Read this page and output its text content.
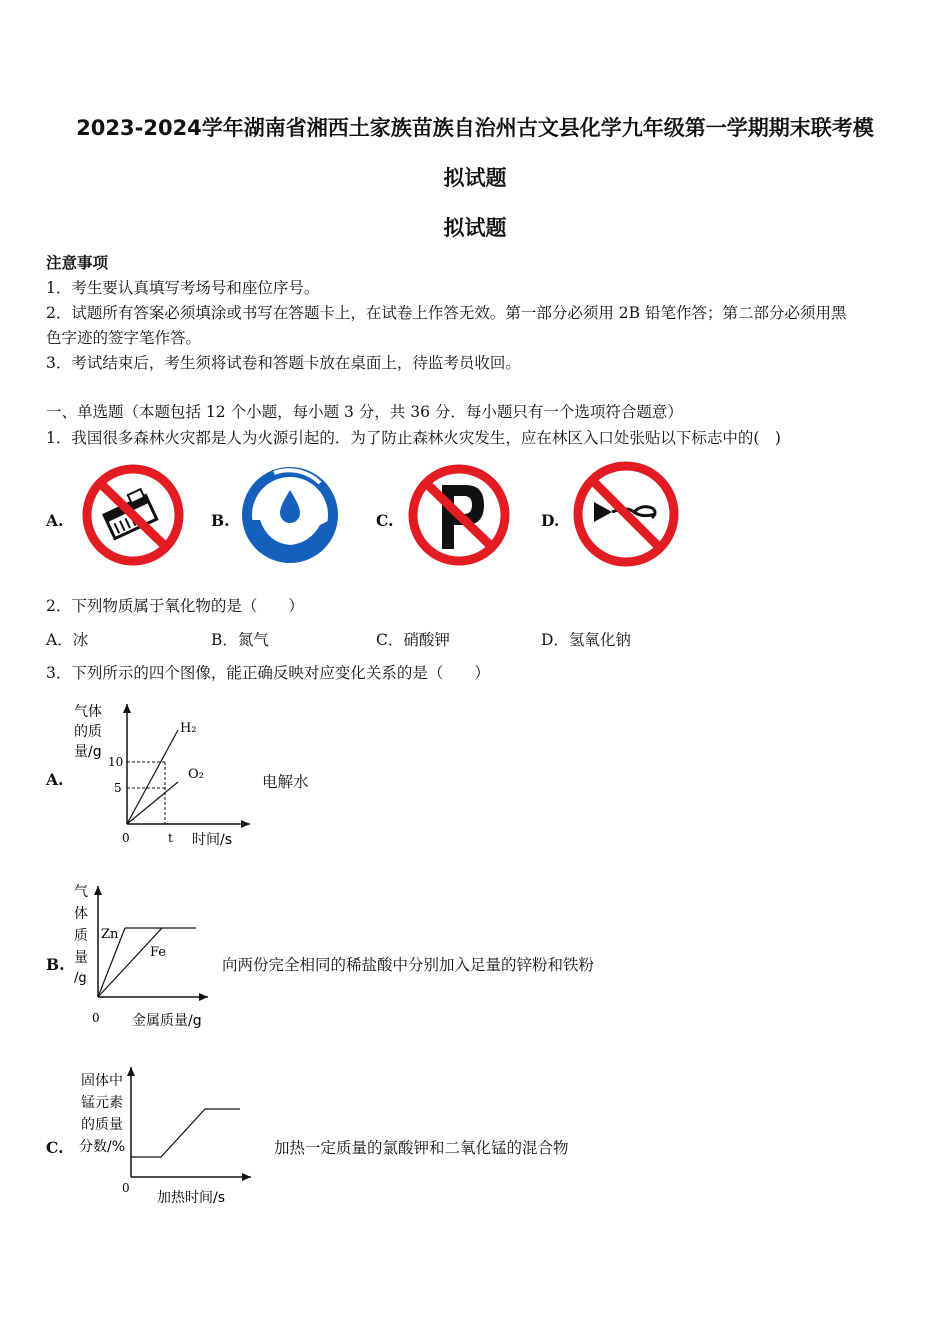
2023-2024学年湖南省湘西土家族苗族自治州古文县化学九年级第一学期期末联考模
拟试题
拟试题
注意事项
1．考生要认真填写考场号和座位序号。
2．试题所有答案必须填涂或书写在答题卡上，在试卷上作答无效。第一部分必须用 2B 铅笔作答；第二部分必须用黑
色字迹的签字笔作答。
3．考试结束后，考生须将试卷和答题卡放在桌面上，待监考员收回。
一、单选题（本题包括 12 个小题，每小题 3 分，共 36 分．每小题只有一个选项符合题意）
1．我国很多森林火灾都是人为火源引起的．为了防止森林火灾发生，应在林区入口处张贴以下标志中的(　)
A.	B.	C.	D.
2．下列物质属于氧化物的是（　　）
A．冰	B．氮气	C．硝酸钾	D．氢氧化钠
3．下列所示的四个图像，能正确反映对应变化关系的是（　　）
A.	电解水
气体
的质
量/g
10
5
0	t 时间/s
H₂
O₂
B.	向两份完全相同的稀盐酸中分别加入足量的锌粉和铁粉
气
体
质
量
/g
0 金属质量/g
Zn
Fe
C.	加热一定质量的氯酸钾和二氧化锰的混合物
固体中
锰元素
的质量
分数/%
0
加热时间/s
